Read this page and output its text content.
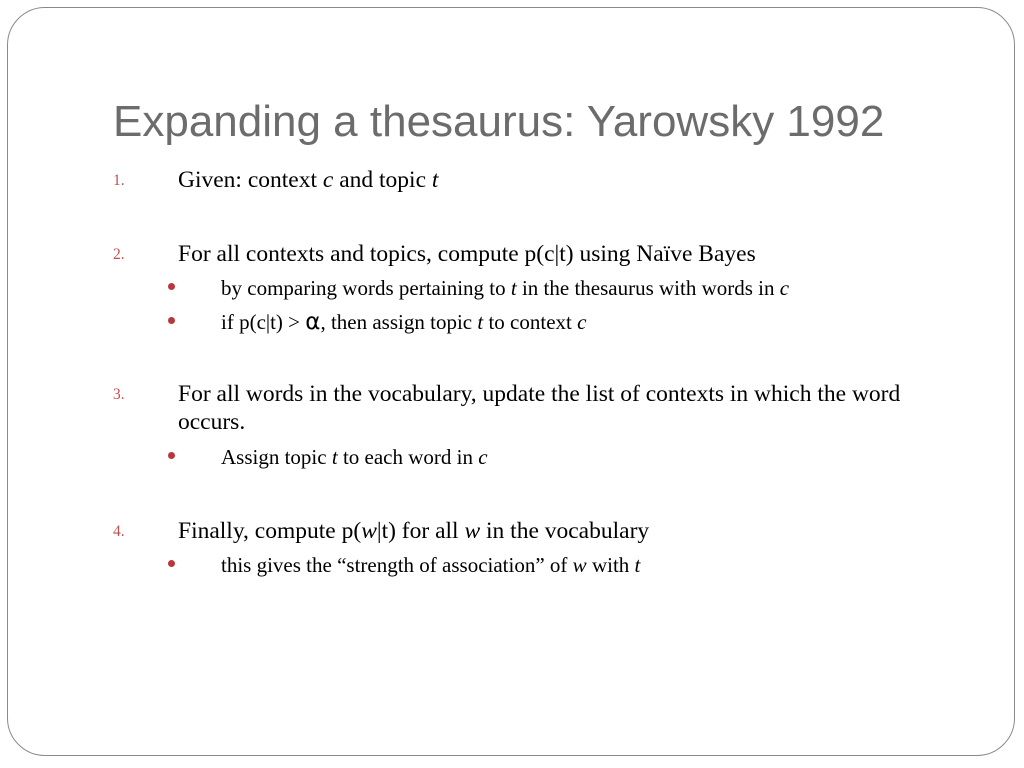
Expanding a thesaurus: Yarowsky 1992
1. Given: context c and topic t
2. For all contexts and topics, compute p(c|t) using Naïve Bayes
by comparing words pertaining to t in the thesaurus with words in c
if p(c|t) > α, then assign topic t to context c
3. For all words in the vocabulary, update the list of contexts in which the word occurs.
Assign topic t to each word in c
4. Finally, compute p(w|t) for all w in the vocabulary
this gives the “strength of association” of w with t
